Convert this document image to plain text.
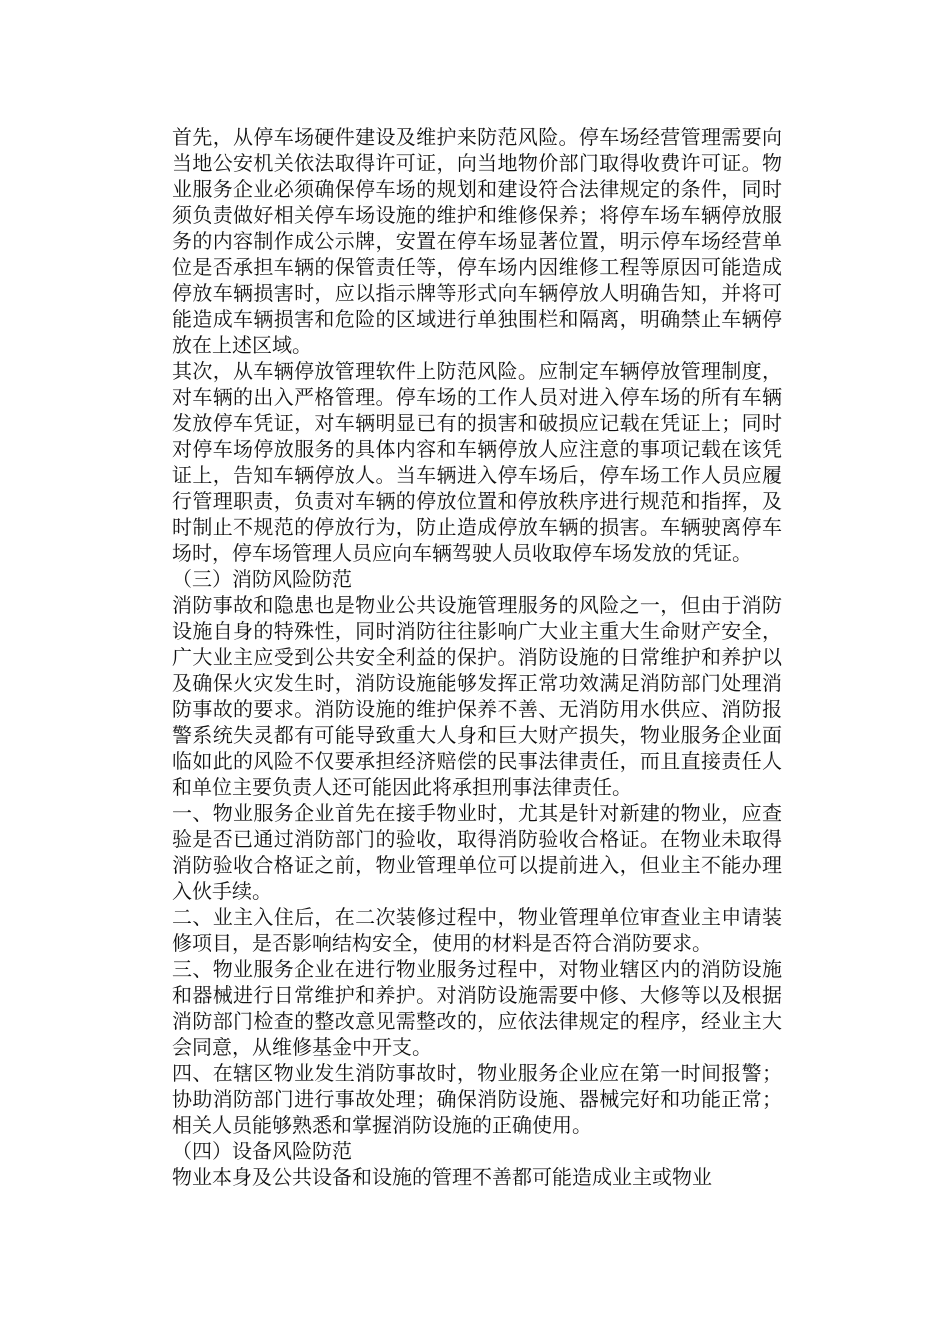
首先，从停车场硬件建设及维护来防范风险。停车场经营管理需要向当地公安机关依法取得许可证，向当地物价部门取得收费许可证。物业服务企业必须确保停车场的规划和建设符合法律规定的条件，同时须负责做好相关停车场设施的维护和维修保养；将停车场车辆停放服务的内容制作成公示牌，安置在停车场显著位置，明示停车场经营单位是否承担车辆的保管责任等，停车场内因维修工程等原因可能造成停放车辆损害时，应以指示牌等形式向车辆停放人明确告知，并将可能造成车辆损害和危险的区域进行单独围栏和隔离，明确禁止车辆停放在上述区域。

其次，从车辆停放管理软件上防范风险。应制定车辆停放管理制度，对车辆的出入严格管理。停车场的工作人员对进入停车场的所有车辆发放停车凭证，对车辆明显已有的损害和破损应记载在凭证上；同时对停车场停放服务的具体内容和车辆停放人应注意的事项记载在该凭证上，告知车辆停放人。当车辆进入停车场后，停车场工作人员应履行管理职责，负责对车辆的停放位置和停放秩序进行规范和指挥，及时制止不规范的停放行为，防止造成停放车辆的损害。车辆驶离停车场时，停车场管理人员应向车辆驾驶人员收取停车场发放的凭证。

（三）消防风险防范

消防事故和隐患也是物业公共设施管理服务的风险之一，但由于消防设施自身的特殊性，同时消防往往影响广大业主重大生命财产安全，广大业主应受到公共安全利益的保护。消防设施的日常维护和养护以及确保火灾发生时，消防设施能够发挥正常功效满足消防部门处理消防事故的要求。消防设施的维护保养不善、无消防用水供应、消防报警系统失灵都有可能导致重大人身和巨大财产损失，物业服务企业面临如此的风险不仅要承担经济赔偿的民事法律责任，而且直接责任人和单位主要负责人还可能因此将承担刑事法律责任。

一、物业服务企业首先在接手物业时，尤其是针对新建的物业，应查验是否已通过消防部门的验收，取得消防验收合格证。在物业未取得消防验收合格证之前，物业管理单位可以提前进入，但业主不能办理入伙手续。

二、业主入住后，在二次装修过程中，物业管理单位审查业主申请装修项目，是否影响结构安全，使用的材料是否符合消防要求。

三、物业服务企业在进行物业服务过程中，对物业辖区内的消防设施和器械进行日常维护和养护。对消防设施需要中修、大修等以及根据消防部门检查的整改意见需整改的，应依法律规定的程序，经业主大会同意，从维修基金中开支。

四、在辖区物业发生消防事故时，物业服务企业应在第一时间报警；协助消防部门进行事故处理；确保消防设施、器械完好和功能正常；相关人员能够熟悉和掌握消防设施的正确使用。

（四）设备风险防范

物业本身及公共设备和设施的管理不善都可能造成业主或物业
